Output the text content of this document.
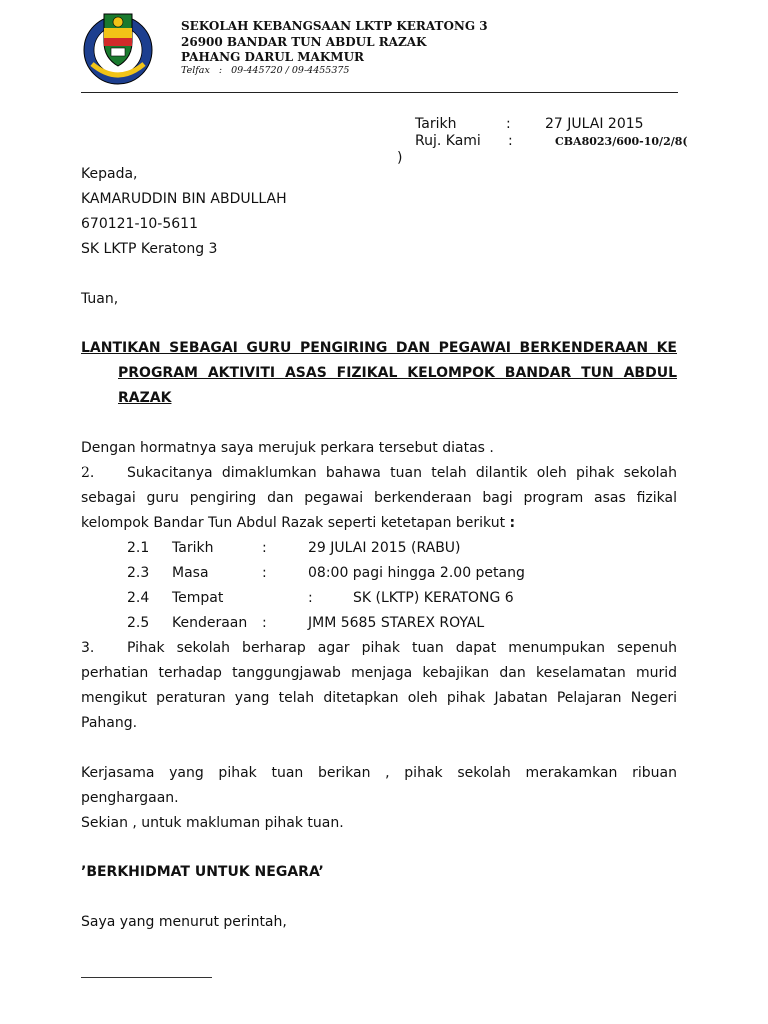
SEKOLAH KEBANGSAAN LKTP KERATONG 3
26900 BANDAR TUN ABDUL RAZAK
PAHANG DARUL MAKMUR
Telfax : 09-445720 / 09-4455375
Tarikh	: 27 JULAI 2015
Ruj. Kami :	CBA8023/600-10/2/8(
)
Kepada,
KAMARUDDIN BIN ABDULLAH
670121-10-5611
SK LKTP Keratong 3
Tuan,
LANTIKAN SEBAGAI GURU PENGIRING DAN PEGAWAI BERKENDERAAN KE
PROGRAM AKTIVITI ASAS FIZIKAL KELOMPOK BANDAR TUN ABDUL
RAZAK
Dengan hormatnya saya merujuk perkara tersebut diatas .
2. Sukacitanya dimaklumkan bahawa tuan telah dilantik oleh pihak sekolah
sebagai guru pengiring dan pegawai berkenderaan bagi program asas fizikal
kelompok Bandar Tun Abdul Razak seperti ketetapan berikut :
2.1 Tarikh	:	29 JULAI 2015 (RABU)
2.3 Masa	:	08:00 pagi hingga 2.00 petang
2.4 Tempat	:	SK (LKTP) KERATONG 6
2.5 Kenderaan :	JMM 5685 STAREX ROYAL
3. Pihak sekolah berharap agar pihak tuan dapat menumpukan sepenuh
perhatian terhadap tanggungjawab menjaga kebajikan dan keselamatan murid
mengikut peraturan yang telah ditetapkan oleh pihak Jabatan Pelajaran Negeri
Pahang.
Kerjasama yang pihak tuan berikan , pihak sekolah merakamkan ribuan
penghargaan.
Sekian , untuk makluman pihak tuan.
’BERKHIDMAT UNTUK NEGARA’
Saya yang menurut perintah,
